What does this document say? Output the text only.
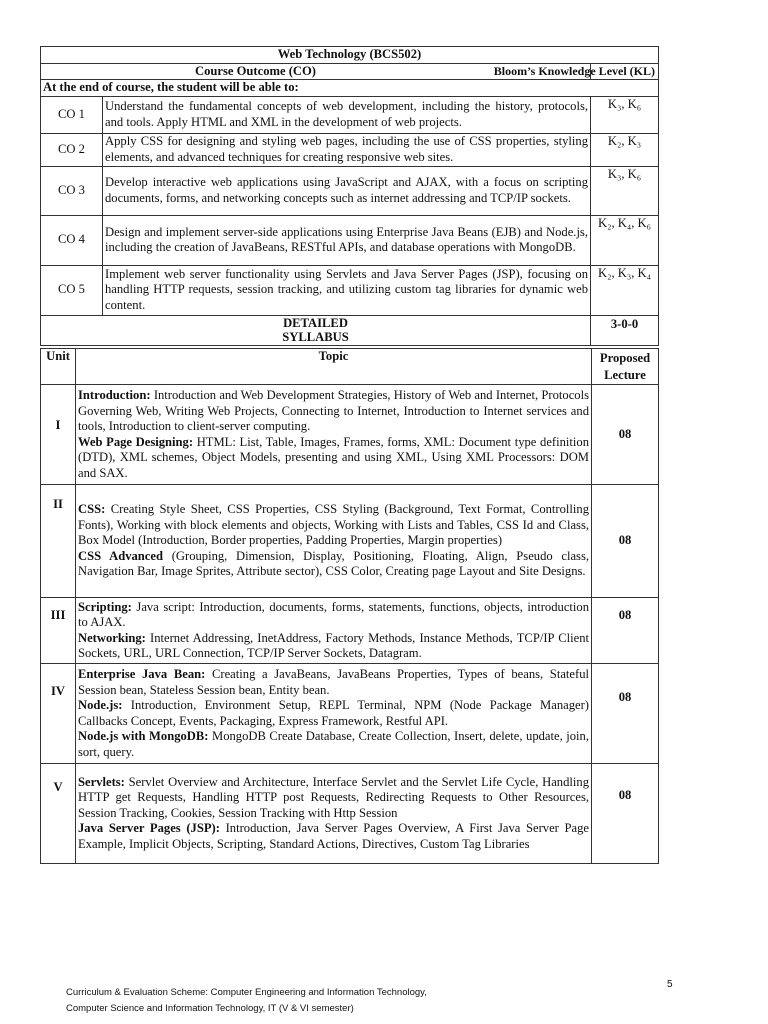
Web Technology (BCS502)		
Course Outcome (CO)		Bloom’s Knowledge Level (KL)

At the end of course, the student will be able to:		
CO 1	Understand the fundamental concepts of web development, including the history, protocols, and tools. Apply HTML and XML in the development of web projects.	K₃, K₆
CO 2	Apply CSS for designing and styling web pages, including the use of CSS properties, styling elements, and advanced techniques for creating responsive web sites.	K₂, K₃
CO 3	Develop interactive web applications using JavaScript and AJAX, with a focus on scripting documents, forms, and networking concepts such as internet addressing and TCP/IP sockets.	K₃, K₆
CO 4	Design and implement server-side applications using Enterprise Java Beans (EJB) and Node.js, including the creation of JavaBeans, RESTful APIs, and database operations with MongoDB.	K₂, K₄, K₆
CO 5	Implement web server functionality using Servlets and Java Server Pages (JSP), focusing on handling HTTP requests, session tracking, and utilizing custom tag libraries for dynamic web content.	K₂, K₃, K₄

DETAILED
SYLLABUS		3-0-0
Unit	Topic	Proposed Lecture
I	Introduction: Introduction and Web Development Strategies, History of Web and Internet, Protocols Governing Web, Writing Web Projects, Connecting to Internet, Introduction to Internet services and tools, Introduction to client-server computing.

Web Page Designing: HTML: List, Table, Images, Frames, forms, XML: Document type definition (DTD), XML schemes, Object Models, presenting and using XML, Using XML Processors: DOM and SAX.	08
II	CSS: Creating Style Sheet, CSS Properties, CSS Styling (Background, Text Format, Controlling Fonts), Working with block elements and objects, Working with Lists and Tables, CSS Id and Class, Box Model (Introduction, Border properties, Padding Properties, Margin properties)

CSS Advanced (Grouping, Dimension, Display, Positioning, Floating, Align, Pseudo class, Navigation Bar, Image Sprites, Attribute sector), CSS Color, Creating page Layout and Site Designs.	08
III	Scripting: Java script: Introduction, documents, forms, statements, functions, objects, introduction to AJAX.

Networking: Internet Addressing, InetAddress, Factory Methods, Instance Methods, TCP/IP Client Sockets, URL, URL Connection, TCP/IP Server Sockets, Datagram.	08
IV	Enterprise Java Bean: Creating a JavaBeans, JavaBeans Properties, Types of beans, Stateful Session bean, Stateless Session bean, Entity bean.

Node.js: Introduction, Environment Setup, REPL Terminal, NPM (Node Package Manager) Callbacks Concept, Events, Packaging, Express Framework, Restful API.

Node.js with MongoDB: MongoDB Create Database, Create Collection, Insert, delete, update, join, sort, query.	08
V	Servlets: Servlet Overview and Architecture, Interface Servlet and the Servlet Life Cycle, Handling HTTP get Requests, Handling HTTP post Requests, Redirecting Requests to Other Resources, Session Tracking, Cookies, Session Tracking with Http Session

Java Server Pages (JSP): Introduction, Java Server Pages Overview, A First Java Server Page Example, Implicit Objects, Scripting, Standard Actions, Directives, Custom Tag Libraries	08
Curriculum & Evaluation Scheme: Computer Engineering and Information Technology,
Computer Science and Information Technology, IT (V & VI semester)
5
